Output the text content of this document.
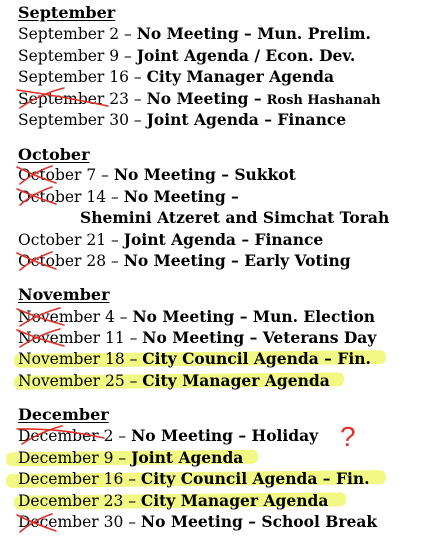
September
September 2 – No Meeting – Mun. Prelim.
September 9 – Joint Agenda / Econ. Dev.
September 16 – City Manager Agenda
September 23 – No Meeting – Rosh Hashanah
September 30 – Joint Agenda – Finance
October
October 7 – No Meeting – Sukkot
October 14 – No Meeting –
Shemini Atzeret and Simchat Torah
October 21 – Joint Agenda – Finance
October 28 – No Meeting – Early Voting
November
November 4 – No Meeting – Mun. Election
November 11 – No Meeting – Veterans Day
November 18 – City Council Agenda – Fin.
November 25 – City Manager Agenda
December
December 2 – No Meeting – Holiday
December 9 – Joint Agenda
December 16 – City Council Agenda – Fin.
December 23 – City Manager Agenda
December 30 – No Meeting – School Break
?
